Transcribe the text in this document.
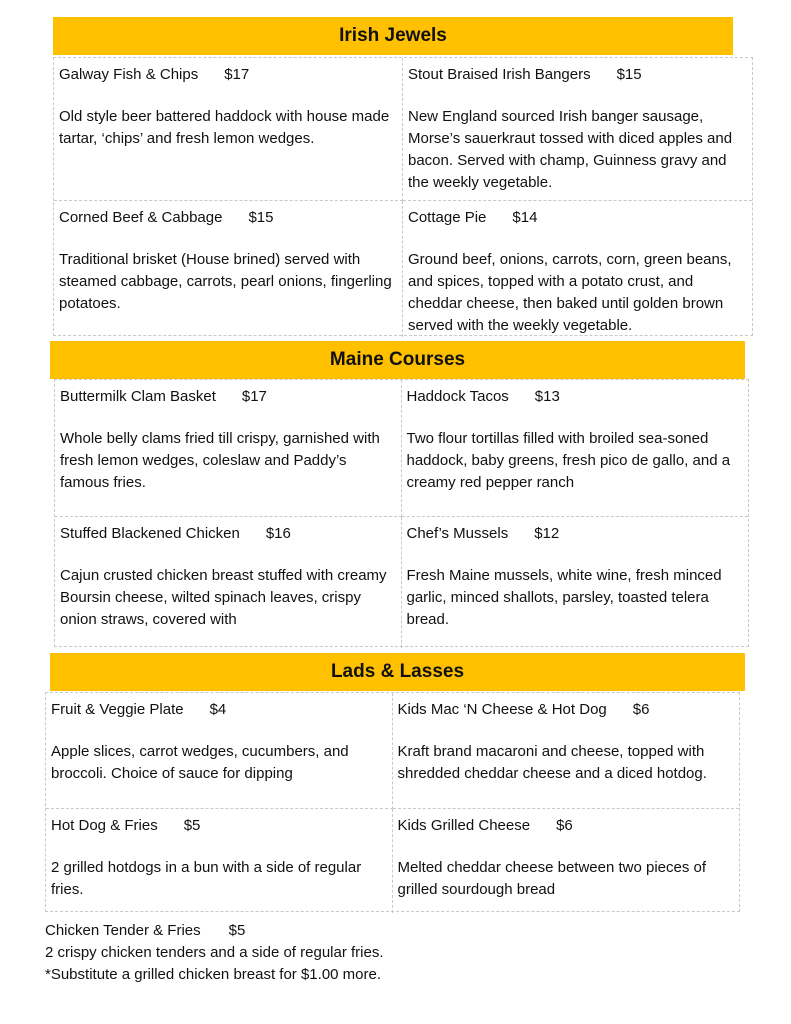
Irish Jewels
Galway Fish & Chips $17

Old style beer battered haddock with house made tartar, ‘chips’ and fresh lemon wedges.

Stout Braised Irish Bangers $15

New England sourced Irish banger sausage, Morse’s sauerkraut tossed with diced apples and bacon. Served with champ, Guinness gravy and the weekly vegetable.

Corned Beef & Cabbage $15

Traditional brisket (House brined) served with steamed cabbage, carrots, pearl onions, fingerling potatoes.

Cottage Pie $14

Ground beef, onions, carrots, corn, green beans, and spices, topped with a potato crust, and cheddar cheese, then baked until golden brown served with the weekly vegetable.

Maine Courses
Buttermilk Clam Basket $17

Whole belly clams fried till crispy, garnished with fresh lemon wedges, coleslaw and Paddy’s famous fries.

Haddock Tacos $13

Two flour tortillas filled with broiled sea-soned haddock, baby greens, fresh pico de gallo, and a creamy red pepper ranch

Stuffed Blackened Chicken $16

Cajun crusted chicken breast stuffed with creamy Boursin cheese, wilted spinach leaves, crispy onion straws, covered with

Chef’s Mussels $12

Fresh Maine mussels, white wine, fresh minced garlic, minced shallots, parsley, toasted telera bread.

Lads & Lasses
Fruit & Veggie Plate $4

Apple slices, carrot wedges, cucumbers, and broccoli. Choice of sauce for dipping

Kids Mac ‘N Cheese & Hot Dog $6

Kraft brand macaroni and cheese, topped with shredded cheddar cheese and a diced hotdog.

Hot Dog & Fries $5

2 grilled hotdogs in a bun with a side of regular fries.

Kids Grilled Cheese $6

Melted cheddar cheese between two pieces of grilled sourdough bread

Chicken Tender & Fries $5
2 crispy chicken tenders and a side of regular fries.
*Substitute a grilled chicken breast for $1.00 more.
